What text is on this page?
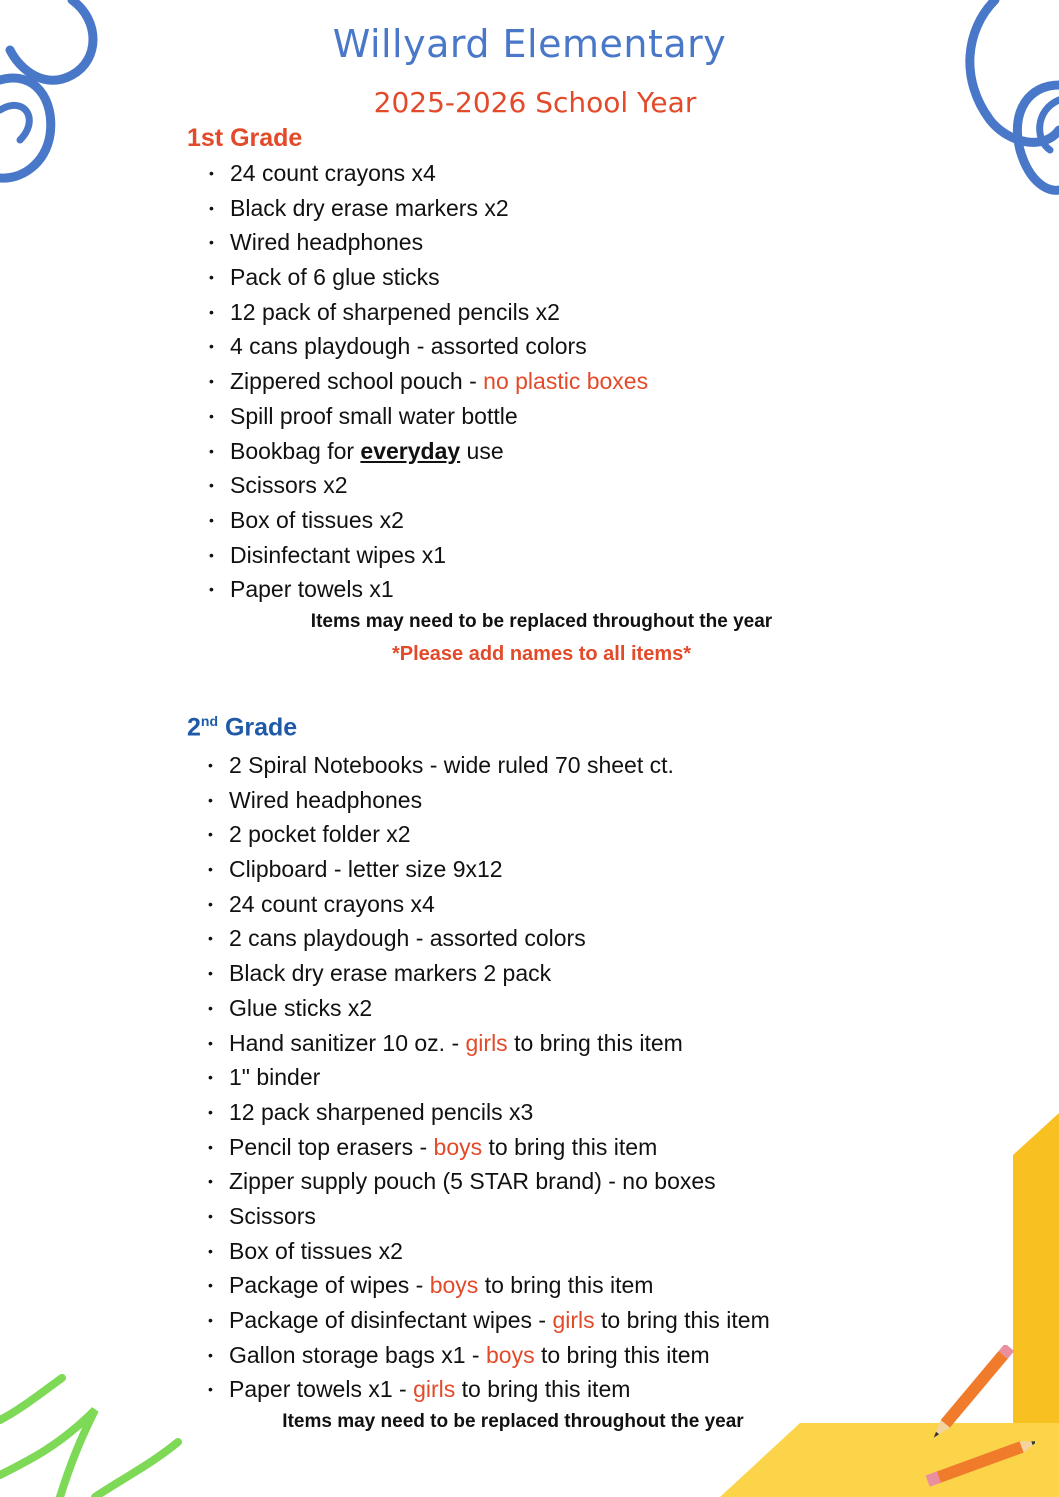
Willyard Elementary
2025-2026 School Year
1st Grade
• 24 count crayons x4
• Black dry erase markers x2
• Wired headphones
• Pack of 6 glue sticks
• 12 pack of sharpened pencils x2
• 4 cans playdough - assorted colors
• Zippered school pouch - no plastic boxes
• Spill proof small water bottle
• Bookbag for everyday use
• Scissors x2
• Box of tissues x2
• Disinfectant wipes x1
• Paper towels x1
Items may need to be replaced throughout the year
*Please add names to all items*
2nd Grade
• 2 Spiral Notebooks - wide ruled 70 sheet ct.
• Wired headphones
• 2 pocket folder x2
• Clipboard - letter size 9x12
• 24 count crayons x4
• 2 cans playdough - assorted colors
• Black dry erase markers 2 pack
• Glue sticks x2
• Hand sanitizer 10 oz. - girls to bring this item
• 1" binder
• 12 pack sharpened pencils x3
• Pencil top erasers - boys to bring this item
• Zipper supply pouch (5 STAR brand) - no boxes
• Scissors
• Box of tissues x2
• Package of wipes - boys to bring this item
• Package of disinfectant wipes - girls to bring this item
• Gallon storage bags x1 - boys to bring this item
• Paper towels x1 - girls to bring this item
Items may need to be replaced throughout the year
